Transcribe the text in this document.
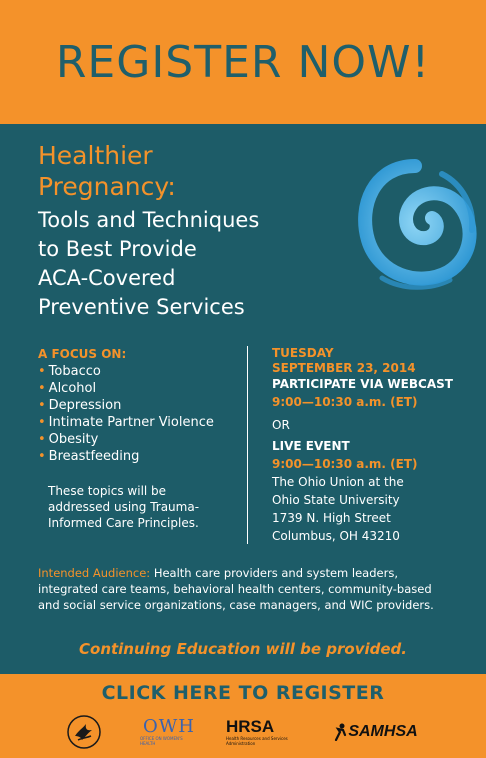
REGISTER NOW!
Healthier
Pregnancy:
Tools and Techniques
to Best Provide
ACA-Covered
Preventive Services
A FOCUS ON:
• Tobacco
• Alcohol
• Depression
• Intimate Partner Violence
• Obesity
• Breastfeeding
These topics will be
addressed using Trauma-
Informed Care Principles.
TUESDAY
SEPTEMBER 23, 2014
PARTICIPATE VIA WEBCAST
9:00—10:30 a.m. (ET)
OR
LIVE EVENT
9:00—10:30 a.m. (ET)
The Ohio Union at the
Ohio State University
1739 N. High Street
Columbus, OH 43210
Intended Audience: Health care providers and system leaders, integrated care teams, behavioral health centers, community-based and social service organizations, case managers, and WIC providers.
Continuing Education will be provided.
CLICK HERE TO REGISTER
OWH
OFFICE ON WOMEN'S HEALTH
HRSA
Health Resources and Services Administration
SAMHSA
